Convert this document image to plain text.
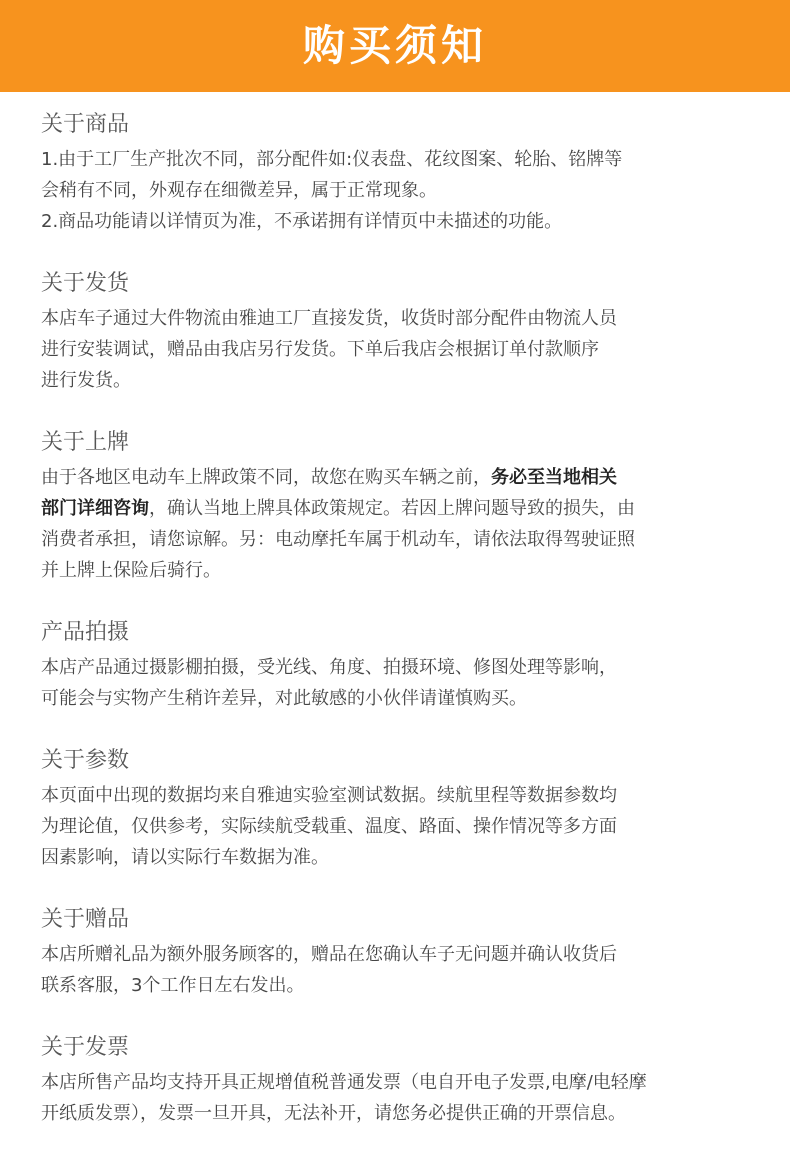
购买须知
关于商品

1.由于工厂生产批次不同，部分配件如:仪表盘、花纹图案、轮胎、铭牌等

会稍有不同，外观存在细微差异，属于正常现象。

2.商品功能请以详情页为准，不承诺拥有详情页中未描述的功能。

关于发货

本店车子通过大件物流由雅迪工厂直接发货，收货时部分配件由物流人员

进行安装调试，赠品由我店另行发货。下单后我店会根据订单付款顺序

进行发货。

关于上牌

由于各地区电动车上牌政策不同，故您在购买车辆之前，务必至当地相关

部门详细咨询，确认当地上牌具体政策规定。若因上牌问题导致的损失，由

消费者承担，请您谅解。另：电动摩托车属于机动车，请依法取得驾驶证照

并上牌上保险后骑行。

产品拍摄

本店产品通过摄影棚拍摄，受光线、角度、拍摄环境、修图处理等影响，

可能会与实物产生稍许差异，对此敏感的小伙伴请谨慎购买。

关于参数

本页面中出现的数据均来自雅迪实验室测试数据。续航里程等数据参数均

为理论值，仅供参考，实际续航受载重、温度、路面、操作情况等多方面

因素影响，请以实际行车数据为准。

关于赠品

本店所赠礼品为额外服务顾客的，赠品在您确认车子无问题并确认收货后

联系客服，3个工作日左右发出。

关于发票

本店所售产品均支持开具正规增值税普通发票（电自开电子发票,电摩/电轻摩

开纸质发票），发票一旦开具，无法补开，请您务必提供正确的开票信息。
